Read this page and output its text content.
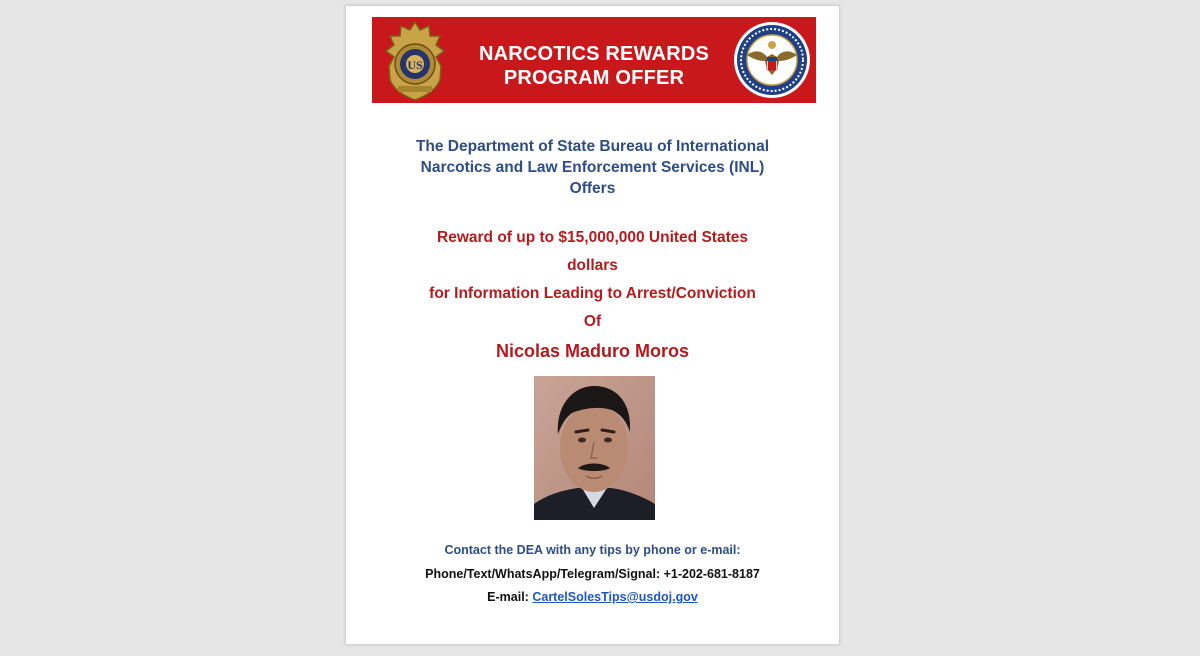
US	NARCOTICS REWARDS
PROGRAM OFFER
The Department of State Bureau of International
Narcotics and Law Enforcement Services (INL)
Offers
Reward of up to $15,000,000 United States
dollars
for Information Leading to Arrest/Conviction
Of
Nicolas Maduro Moros
Contact the DEA with any tips by phone or e-mail:
Phone/Text/WhatsApp/Telegram/Signal: +1-202-681-8187
E-mail: CartelSolesTips@usdoj.gov
